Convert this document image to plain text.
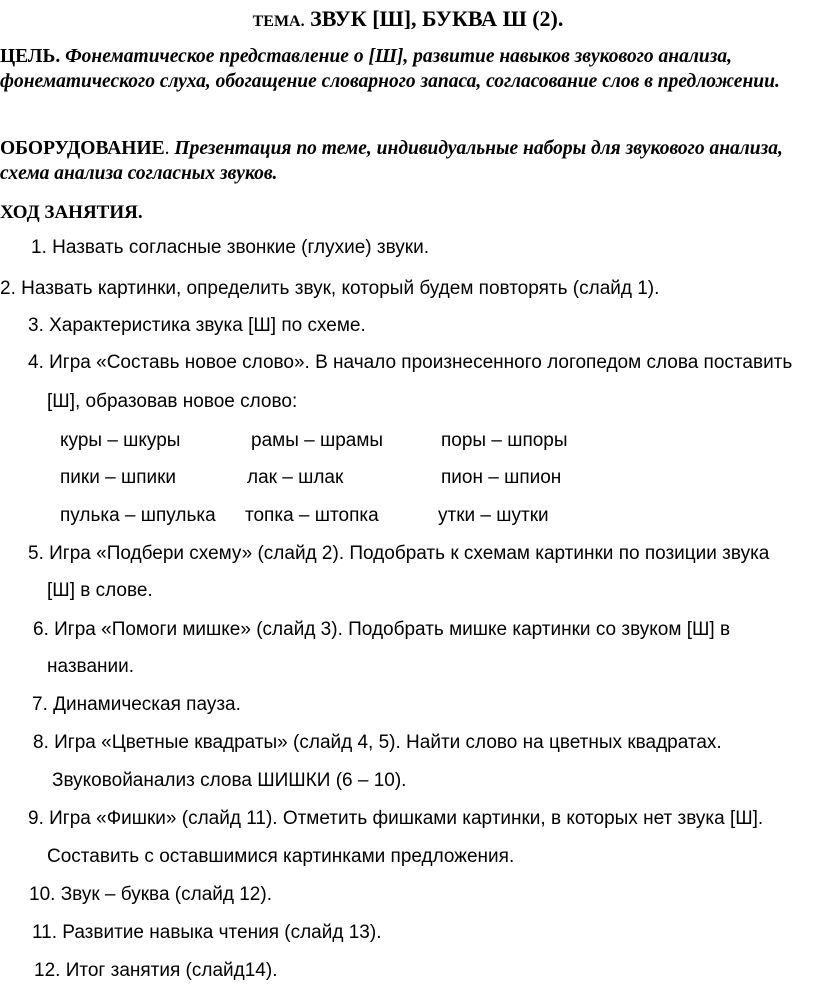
ТЕМА. ЗВУК [Ш], БУКВА Ш (2).
ЦЕЛЬ. Фонематическое представление о [Ш], развитие навыков звукового анализа, фонематического слуха, обогащение словарного запаса, согласование слов в предложении.
ОБОРУДОВАНИЕ. Презентация по теме, индивидуальные наборы для звукового анализа, схема анализа согласных звуков.
ХОД ЗАНЯТИЯ.
1. Назвать согласные звонкие (глухие) звуки.
2. Назвать картинки, определить звук, который будем повторять (слайд 1).
3. Характеристика звука [Ш] по схеме.
4. Игра «Составь новое слово». В начало произнесенного логопедом слова поставить
[Ш], образовав новое слово:
куры – шкуры	рамы – шрамы	поры – шпоры
пики – шпики	лак – шлак	пион – шпион
пулька – шпулька топка – штопка	утки – шутки
5. Игра «Подбери схему» (слайд 2). Подобрать к схемам картинки по позиции звука
[Ш] в слове.
6. Игра «Помоги мишке» (слайд 3). Подобрать мишке картинки со звуком [Ш] в
названии.
7. Динамическая пауза.
8. Игра «Цветные квадраты» (слайд 4, 5). Найти слово на цветных квадратах.
Звуковойанализ слова ШИШКИ (6 – 10).
9. Игра «Фишки» (слайд 11). Отметить фишками картинки, в которых нет звука [Ш].
Составить с оставшимися картинками предложения.
10. Звук – буква (слайд 12).
11. Развитие навыка чтения (слайд 13).
12. Итог занятия (слайд14).
